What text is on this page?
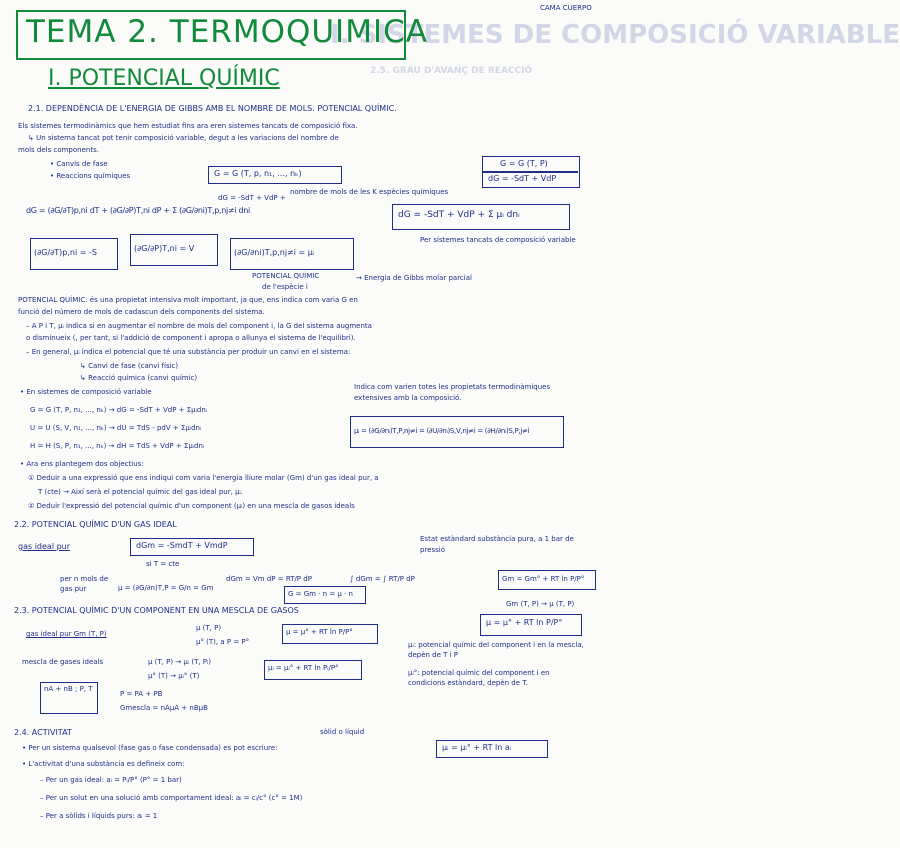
CAMA CUERPO
I. SISTEMES DE COMPOSICIÓ VARIABLE
2.5. GRAU D'AVANÇ DE REACCIÓ
TEMA 2. TERMOQUIMICA
I. POTENCIAL QUÍMIC
2.1. DEPENDÈNCIA DE L'ENERGIA DE GIBBS AMB EL NOMBRE DE MOLS. POTENCIAL QUÍMIC.
Els sistemes termodinàmics que hem estudiat fins ara eren sistemes tancats de composició fixa.
↳ Un sistema tancat pot tenir composició variable, degut a les variacions del nombre de
mols dels components.
• Canvis de fase
• Reaccions químiques	G = G (T, p, n₁, ..., nₖ)
nombre de mols de les K espècies químiques
G = G (T, P)
dG = -SdT + VdP
dG = (∂G/∂T)p,ni dT + (∂G/∂P)T,ni dP + Σ (∂G/∂ni)T,p,nj≠i dni
dG = -SdT + VdP +
dG = -SdT + VdP + Σ μᵢ dnᵢ
Per sistemes tancats de composició variable
(∂G/∂T)p,ni = -S	(∂G/∂P)T,ni = V	(∂G/∂ni)T,p,nj≠i = μᵢ
POTENCIAL QUÍMIC
de l'espècie i
→ Energia de Gibbs molar parcial
POTENCIAL QUÍMIC: és una propietat intensiva molt important, ja que, ens indica com varia G en
funció del número de mols de cadascun dels components del sistema.
– A P i T, μᵢ indica si en augmentar el nombre de mols del component i, la G del sistema augmenta
o disminueix (, per tant, si l'addició de component i apropa o allunya el sistema de l'equilibri).
– En general, μᵢ indica el potencial que té una substància per produir un canvi en el sistema:
↳ Canvi de fase (canvi físic)
↳ Reacció química (canvi químic)
• En sistemes de composició variable
G = G (T, P, n₁, ..., nₖ) → dG = -SdT + VdP + Σμᵢdnᵢ
U = U (S, V, n₁, ..., nₖ) → dU = TdS - pdV + Σμᵢdnᵢ
H = H (S, P, n₁, ..., nₖ) → dH = TdS + VdP + Σμᵢdnᵢ
Indica com varien totes les propietats termodinàmiques extensives amb la composició.
μᵢ = (∂G/∂nᵢ)T,P,nj≠i = (∂U/∂nᵢ)S,V,nj≠i = (∂H/∂nᵢ)S,P,j≠i
• Ara ens plantegem dos objectius:
① Deduir a una expressió que ens indiqui com varia l'energia lliure molar (Gm) d'un gas ideal pur, a
T (cte) → Així serà el potencial químic del gas ideal pur, μᵢ.
② Deduir l'expressió del potencial químic d'un component (μᵢ) en una mescla de gasos ideals
2.2. POTENCIAL QUÍMIC D'UN GAS IDEAL
Estat estàndard substància pura, a 1 bar de pressió
gas ideal pur	dGm = -SmdT + VmdP
si T = cte
dGm = Vm dP = RT/P dP	∫ dGm = ∫ RT/P dP	Gm = Gm° + RT ln P/P°
per n mols de gas pur	μ = (∂G/∂n)T,P = G/n = Gm
G = Gm · n = μ · n
Gm (T, P) → μ (T, P)
μ = μ° + RT ln P/P°
2.3. POTENCIAL QUÍMIC D'UN COMPONENT EN UNA MESCLA DE GASOS
gas ideal pur Gm (T, P)
μ (T, P)
μ° (T), a P = P°
μ = μ° + RT ln P/P°
mescla de gases ideals	μ (T, P) → μᵢ (T, Pᵢ)
μ° (T) → μᵢ° (T)
μᵢ = μᵢ° + RT ln Pᵢ/P°
μᵢ: potencial químic del component i en la mescla, depèn de T i P
μᵢ°: potencial químic del component i en condicions estàndard, depèn de T.
nA + nB ; P, T
P = PA + PB
Gmescla = nAμA + nBμB
2.4. ACTIVITAT	sòlid o líquid
• Per un sistema qualsevol (fase gas o fase condensada) es pot escriure:	μᵢ = μᵢ° + RT ln aᵢ
• L'activitat d'una substància es defineix com:
– Per un gas ideal: aᵢ = Pᵢ/P° (P° = 1 bar)
– Per un solut en una solució amb comportament ideal: aᵢ = cᵢ/c° (c° = 1M)
– Per a sòlids i líquids purs: aᵢ = 1
